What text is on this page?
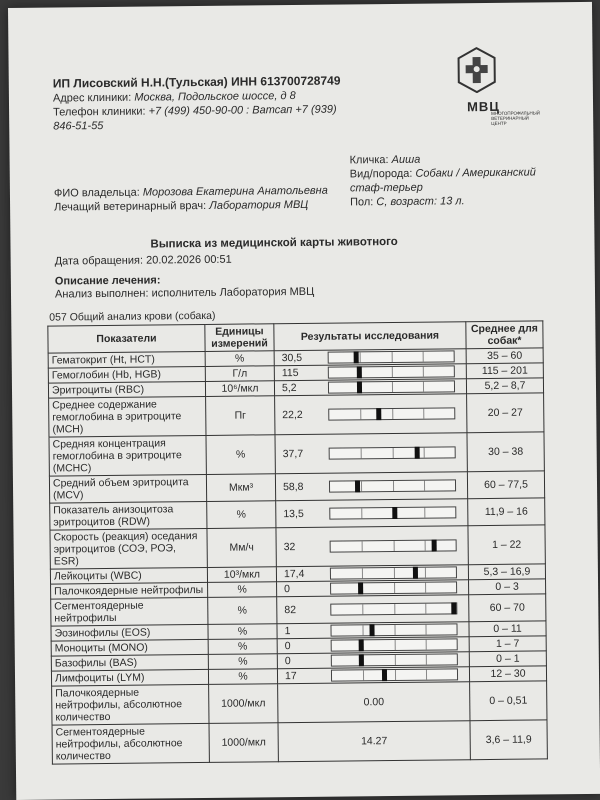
ИП Лисовский Н.Н.(Тульская) ИНН 613700728749
Адрес клиники: Москва, Подольское шоссе, д 8
Телефон клиники: +7 (499) 450-90-00 : Ватсап +7 (939)
846-51-55
МВЦ
МНОГОПРОФИЛЬНЫЙ ВЕТЕРИНАРНЫЙ ЦЕНТР
Кличка: Аиша
Вид/порода: Собаки / Американский
стаф-терьер
Пол: С, возраст: 13 л.
ФИО владельца: Морозова Екатерина Анатольевна
Лечащий ветеринарный врач: Лаборатория МВЦ
Выписка из медицинской карты животного
Дата обращения: 20.02.2026 00:51
Описание лечения:
Анализ выполнен: исполнитель Лаборатория МВЦ
057 Общий анализ крови (собака)
Показатели	Единицы измерений	Результаты исследования	Среднее для собак*
Гематокрит (Ht, HCT)	%	30,5	35 – 60
Гемоглобин (Hb, HGB)	Г/л	115	115 – 201
Эритроциты (RBC)	10⁶/мкл	5,2	5,2 – 8,7
Среднее содержание гемоглобина в эритроците (MCH)	Пг	22,2	20 – 27
Средняя концентрация гемоглобина в эритроците (MCHC)	%	37,7	30 – 38
Средний объем эритроцита (MCV)	Мкм³	58,8	60 – 77,5
Показатель анизоцитоза эритроцитов (RDW)	%	13,5	11,9 – 16
Скорость (реакция) оседания эритроцитов (СОЭ, РОЭ, ESR)	Мм/ч	32	1 – 22
Лейкоциты (WBC)	10³/мкл	17,4	5,3 – 16,9
Палочкоядерные нейтрофилы	%	0	0 – 3
Сегментоядерные нейтрофилы	%	82	60 – 70
Эозинофилы (EOS)	%	1	0 – 11
Моноциты (MONO)	%	0	1 – 7
Базофилы (BAS)	%	0	0 – 1
Лимфоциты (LYM)	%	17	12 – 30
Палочкоядерные нейтрофилы, абсолютное количество	1000/мкл	0.00	0 – 0,51
Сегментоядерные нейтрофилы, абсолютное количество	1000/мкл	14.27	3,6 – 11,9
